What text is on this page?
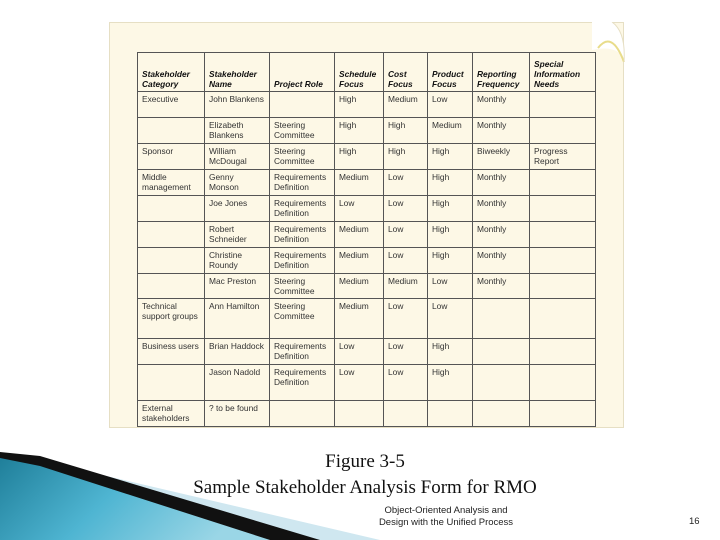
Stakeholder Category	Stakeholder Name	Project Role	Schedule Focus	Cost Focus	Product Focus	Reporting Frequency	Special Information Needs
Executive	John Blankens		High	Medium	Low	Monthly	
	Elizabeth Blankens	Steering Committee	High	High	Medium	Monthly	
Sponsor	William McDougal	Steering Committee	High	High	High	Biweekly	Progress Report
Middle management	Genny Monson	Requirements Definition	Medium	Low	High	Monthly	
	Joe Jones	Requirements Definition	Low	Low	High	Monthly	
	Robert Schneider	Requirements Definition	Medium	Low	High	Monthly	
	Christine Roundy	Requirements Definition	Medium	Low	High	Monthly	
	Mac Preston	Steering Committee	Medium	Medium	Low	Monthly	
Technical support groups	Ann Hamilton	Steering Committee	Medium	Low	Low		
Business users	Brian Haddock	Requirements Definition	Low	Low	High		
	Jason Nadold	Requirements Definition	Low	Low	High		
External stakeholders	? to be found						
Figure 3-5
Sample Stakeholder Analysis Form for RMO
Object-Oriented Analysis and
Design with the Unified Process	16
